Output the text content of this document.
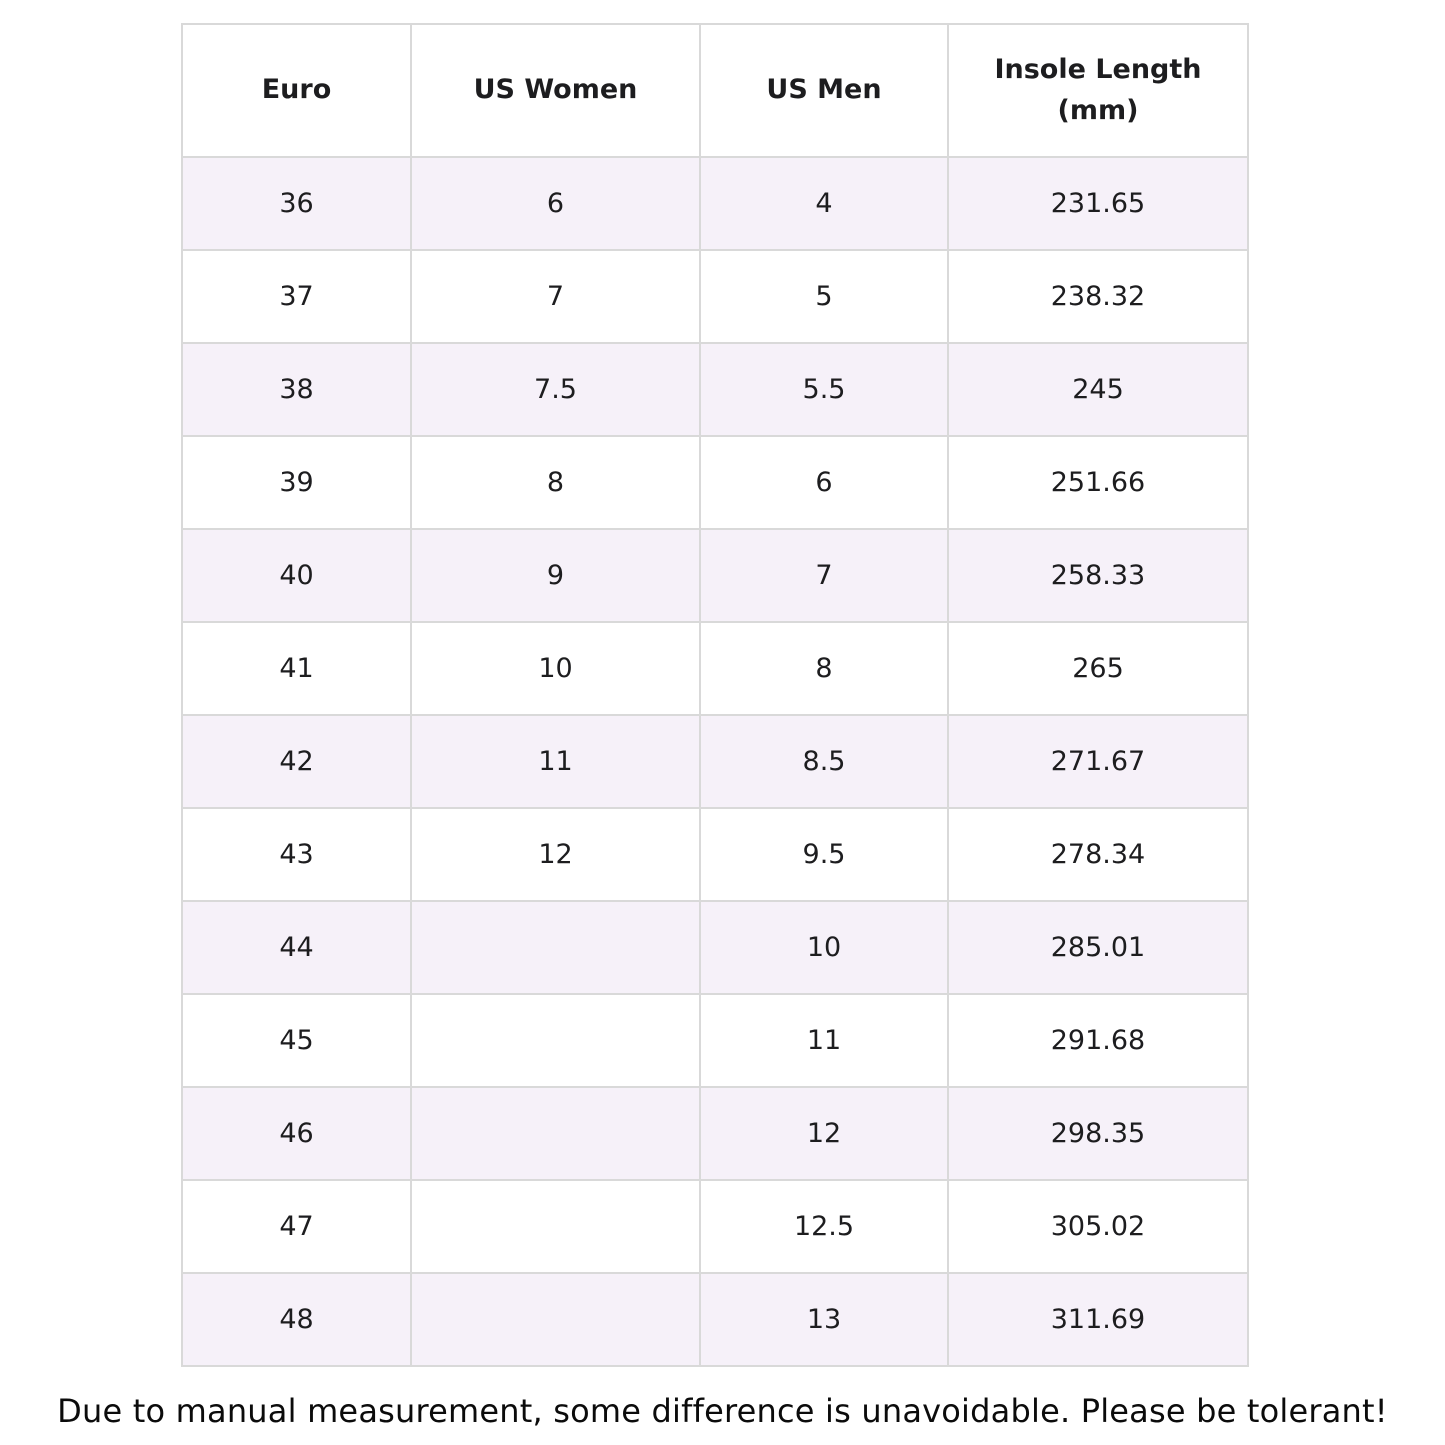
Euro	US Women	US Men	Insole Length
(mm)
36	6	4	231.65
37	7	5	238.32
38	7.5	5.5	245
39	8	6	251.66
40	9	7	258.33
41	10	8	265
42	11	8.5	271.67
43	12	9.5	278.34
44		10	285.01
45		11	291.68
46		12	298.35
47		12.5	305.02
48		13	311.69
Due to manual measurement, some difference is unavoidable. Please be tolerant!
